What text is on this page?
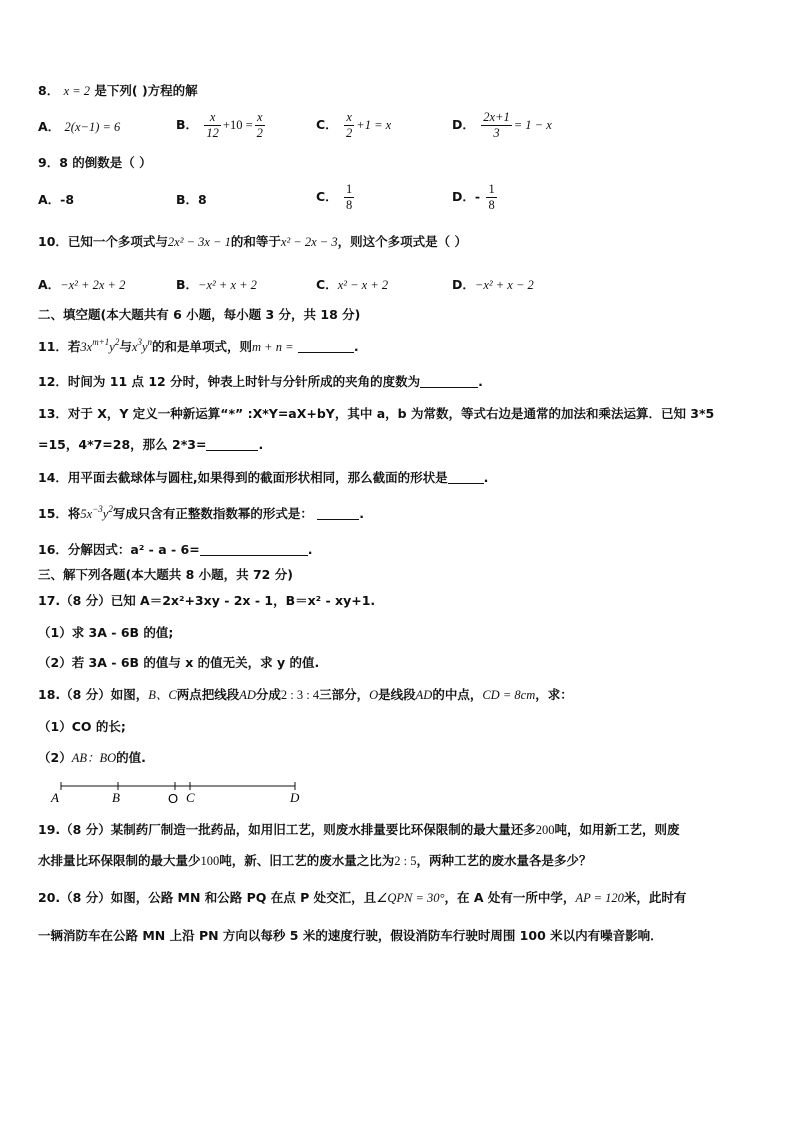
8． x = 2 是下列( )方程的解
A． 2(x−1) = 6	B． $\frac{x}{12} +10 = \frac{x}{2}$	C． $\frac{x}{2} +1 = x$	D． $\frac{2x+1}{3} = 1 - x$
9．8 的倒数是（ ）
A．-8	B．8	C． $\frac{1}{8}$	D．- $\frac{1}{8}$
10．已知一个多项式与2x² − 3x − 1的和等于x² − 2x − 3，则这个多项式是（ ）
A．−x² + 2x + 2	B．−x² + x + 2	C．x² − x + 2	D．−x² + x − 2
二、填空题(本大题共有 6 小题，每小题 3 分，共 18 分)
11．若$3x^{m+1}y^2$与$x^3y^n$的和是单项式，则m + n =	.
12．时间为 11 点 12 分时，钟表上时针与分针所成的夹角的度数为	.
13．对于 X，Y 定义一种新运算“*” :X*Y=aX+bY，其中 a，b 为常数，等式右边是通常的加法和乘法运算．已知 3*5
=15，4*7=28，那么 2*3=	.
14．用平面去截球体与圆柱,如果得到的截面形状相同，那么截面的形状是	.
15．将$5x^{-3}y^2$写成只含有正整数指数幂的形式是：	.
16．分解因式：a² - a - 6=	.
三、解下列各题(本大题共 8 小题，共 72 分)
17.（8 分）已知 A＝2x²+3xy - 2x - 1，B＝x² - xy+1.
（1）求 3A - 6B 的值;
（2）若 3A - 6B 的值与 x 的值无关，求 y 的值.
18.（8 分）如图，B、C两点把线段AD分成2 : 3 : 4三部分，O是线段AD的中点，CD = 8cm，求：
（1）CO 的长;
（2）AB：BO的值.
A	B	O C	D
19.（8 分）某制药厂制造一批药品，如用旧工艺，则废水排量要比环保限制的最大量还多200吨，如用新工艺，则废
水排量比环保限制的最大量少100吨，新、旧工艺的废水量之比为2 : 5，两种工艺的废水量各是多少？
20.（8 分）如图，公路 MN 和公路 PQ 在点 P 处交汇，且∠QPN = 30°，在 A 处有一所中学，AP = 120米，此时有
一辆消防车在公路 MN 上沿 PN 方向以每秒 5 米的速度行驶，假设消防车行驶时周围 100 米以内有噪音影响．
